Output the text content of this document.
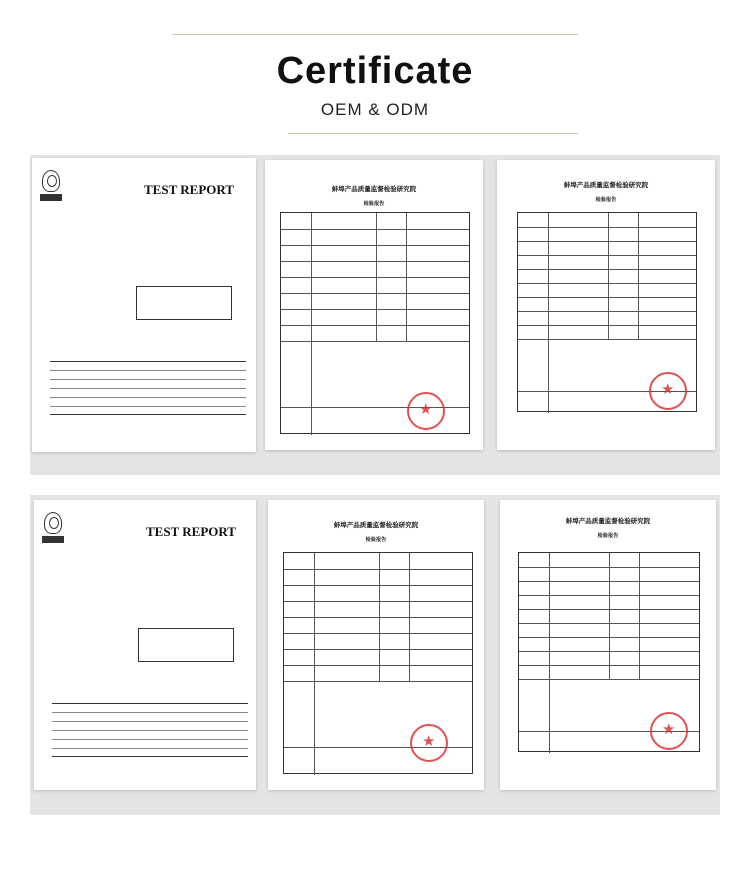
Certificate
OEM & ODM
TEST REPORT	蚌埠产品质量监督检验研究院
检验报告
★
蚌埠产品质量监督检验研究院
检验报告
★
TEST REPORT	蚌埠产品质量监督检验研究院
检验报告
★
蚌埠产品质量监督检验研究院
检验报告
★
